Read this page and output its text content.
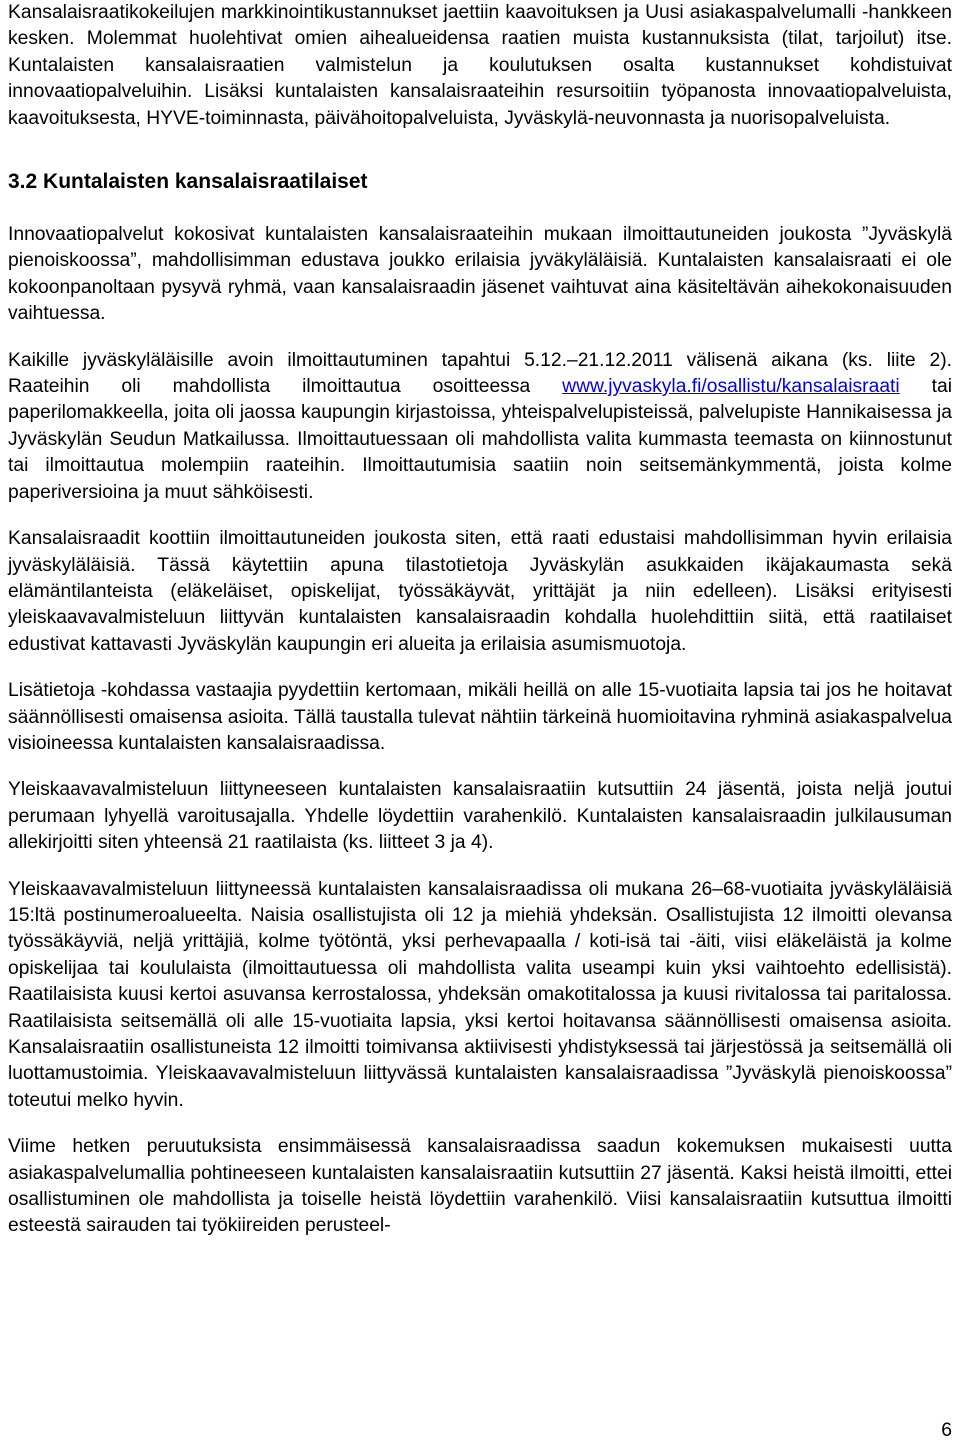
Kansalaisraatikokeilujen markkinointikustannukset jaettiin kaavoituksen ja Uusi asiakaspalvelumalli -hankkeen kesken. Molemmat huolehtivat omien aihealueidensa raatien muista kustannuksista (tilat, tarjoilut) itse. Kuntalaisten kansalaisraatien valmistelun ja koulutuksen osalta kustannukset kohdistuivat innovaatiopalveluihin. Lisäksi kuntalaisten kansalaisraateihin resursoitiin työpanosta innovaatiopalveluista, kaavoituksesta, HYVE-toiminnasta, päivähoitopalveluista, Jyväskylä-neuvonnasta ja nuorisopalveluista.

3.2 Kuntalaisten kansalaisraatilaiset

Innovaatiopalvelut kokosivat kuntalaisten kansalaisraateihin mukaan ilmoittautuneiden joukosta ”Jyväskylä pienoiskoossa”, mahdollisimman edustava joukko erilaisia jyväkyläläisiä. Kuntalaisten kansalaisraati ei ole kokoonpanoltaan pysyvä ryhmä, vaan kansalaisraadin jäsenet vaihtuvat aina käsiteltävän aihekokonaisuuden vaihtuessa.

Kaikille jyväskyläläisille avoin ilmoittautuminen tapahtui 5.12.–21.12.2011 välisenä aikana (ks. liite 2). Raateihin oli mahdollista ilmoittautua osoitteessa www.jyvaskyla.fi/osallistu/kansalaisraati tai paperilomakkeella, joita oli jaossa kaupungin kirjastoissa, yhteispalvelupisteissä, palvelupiste Hannikaisessa ja Jyväskylän Seudun Matkailussa. Ilmoittautuessaan oli mahdollista valita kummasta teemasta on kiinnostunut tai ilmoittautua molempiin raateihin. Ilmoittautumisia saatiin noin seitsemänkymmentä, joista kolme paperiversioina ja muut sähköisesti.

Kansalaisraadit koottiin ilmoittautuneiden joukosta siten, että raati edustaisi mahdollisimman hyvin erilaisia jyväskyläläisiä. Tässä käytettiin apuna tilastotietoja Jyväskylän asukkaiden ikäjakaumasta sekä elämäntilanteista (eläkeläiset, opiskelijat, työssäkäyvät, yrittäjät ja niin edelleen). Lisäksi erityisesti yleiskaavavalmisteluun liittyvän kuntalaisten kansalaisraadin kohdalla huolehdittiin siitä, että raatilaiset edustivat kattavasti Jyväskylän kaupungin eri alueita ja erilaisia asumismuotoja.

Lisätietoja -kohdassa vastaajia pyydettiin kertomaan, mikäli heillä on alle 15-vuotiaita lapsia tai jos he hoitavat säännöllisesti omaisensa asioita. Tällä taustalla tulevat nähtiin tärkeinä huomioitavina ryhminä asiakaspalvelua visioineessa kuntalaisten kansalaisraadissa.

Yleiskaavavalmisteluun liittyneeseen kuntalaisten kansalaisraatiin kutsuttiin 24 jäsentä, joista neljä joutui perumaan lyhyellä varoitusajalla. Yhdelle löydettiin varahenkilö. Kuntalaisten kansalaisraadin julkilausuman allekirjoitti siten yhteensä 21 raatilaista (ks. liitteet 3 ja 4).

Yleiskaavavalmisteluun liittyneessä kuntalaisten kansalaisraadissa oli mukana 26–68-vuotiaita jyväskyläläisiä 15:ltä postinumeroalueelta. Naisia osallistujista oli 12 ja miehiä yhdeksän. Osallistujista 12 ilmoitti olevansa työssäkäyviä, neljä yrittäjiä, kolme työtöntä, yksi perhevapaalla / koti-isä tai -äiti, viisi eläkeläistä ja kolme opiskelijaa tai koululaista (ilmoittautuessa oli mahdollista valita useampi kuin yksi vaihtoehto edellisistä). Raatilaisista kuusi kertoi asuvansa kerrostalossa, yhdeksän omakotitalossa ja kuusi rivitalossa tai paritalossa. Raatilaisista seitsemällä oli alle 15-vuotiaita lapsia, yksi kertoi hoitavansa säännöllisesti omaisensa asioita. Kansalaisraatiin osallistuneista 12 ilmoitti toimivansa aktiivisesti yhdistyksessä tai järjestössä ja seitsemällä oli luottamustoimia. Yleiskaavavalmisteluun liittyvässä kuntalaisten kansalaisraadissa ”Jyväskylä pienoiskoossa” toteutui melko hyvin.

Viime hetken peruutuksista ensimmäisessä kansalaisraadissa saadun kokemuksen mukaisesti uutta asiakaspalvelumallia pohtineeseen kuntalaisten kansalaisraatiin kutsuttiin 27 jäsentä. Kaksi heistä ilmoitti, ettei osallistuminen ole mahdollista ja toiselle heistä löydettiin varahenkilö. Viisi kansalaisraatiin kutsuttua ilmoitti esteestä sairauden tai työkiireiden perusteel-

6
